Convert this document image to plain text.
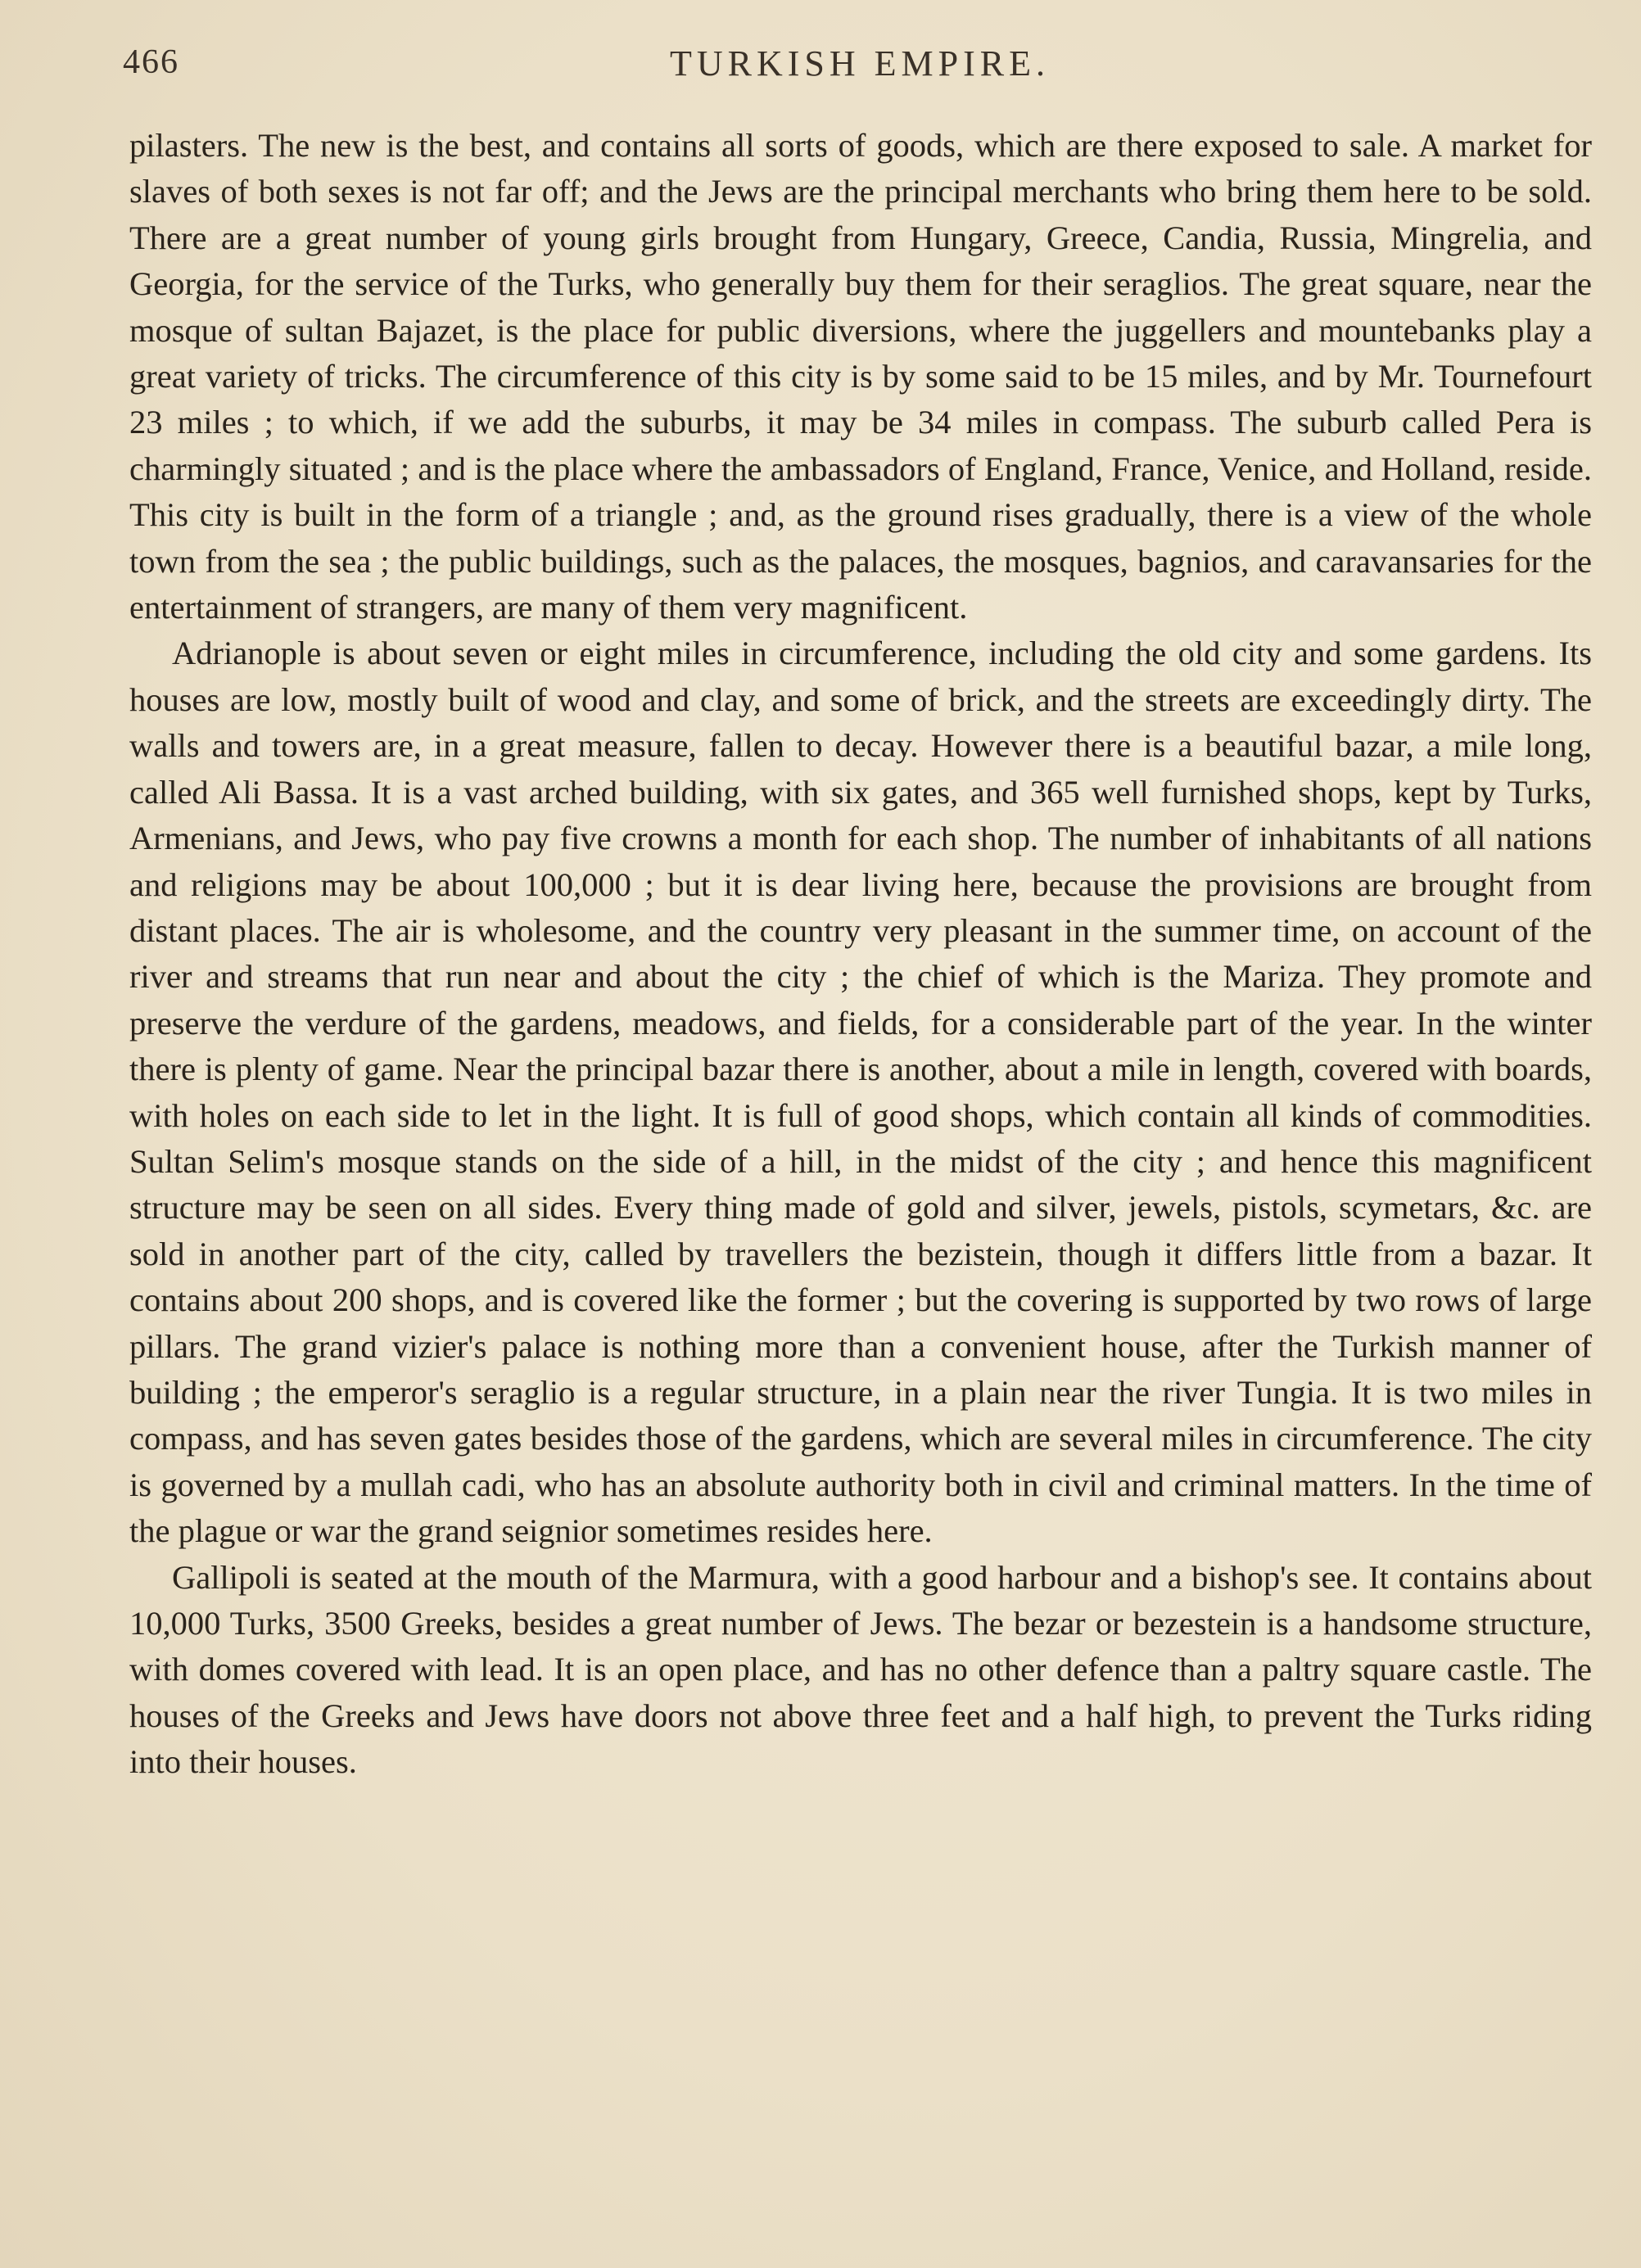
466	TURKISH EMPIRE.

pilasters. The new is the best, and contains all sorts of goods, which are there exposed to sale. A market for slaves of both sexes is not far off; and the Jews are the principal merchants who bring them here to be sold. There are a great number of young girls brought from Hungary, Greece, Candia, Russia, Mingrelia, and Georgia, for the service of the Turks, who generally buy them for their seraglios. The great square, near the mosque of sultan Bajazet, is the place for public diversions, where the juggellers and mountebanks play a great variety of tricks. The circumference of this city is by some said to be 15 miles, and by Mr. Tournefourt 23 miles ; to which, if we add the suburbs, it may be 34 miles in compass. The suburb called Pera is charmingly situated ; and is the place where the ambassadors of England, France, Venice, and Holland, reside. This city is built in the form of a triangle ; and, as the ground rises gradually, there is a view of the whole town from the sea ; the public buildings, such as the palaces, the mosques, bagnios, and caravansaries for the entertainment of strangers, are many of them very magnificent.

Adrianople is about seven or eight miles in circumference, including the old city and some gardens. Its houses are low, mostly built of wood and clay, and some of brick, and the streets are exceedingly dirty. The walls and towers are, in a great measure, fallen to decay. However there is a beautiful bazar, a mile long, called Ali Bassa. It is a vast arched building, with six gates, and 365 well furnished shops, kept by Turks, Armenians, and Jews, who pay five crowns a month for each shop. The number of inhabitants of all nations and religions may be about 100,000 ; but it is dear living here, because the provisions are brought from distant places. The air is wholesome, and the country very pleasant in the summer time, on account of the river and streams that run near and about the city ; the chief of which is the Mariza. They promote and preserve the verdure of the gardens, meadows, and fields, for a considerable part of the year. In the winter there is plenty of game. Near the principal bazar there is another, about a mile in length, covered with boards, with holes on each side to let in the light. It is full of good shops, which contain all kinds of commodities. Sultan Selim's mosque stands on the side of a hill, in the midst of the city ; and hence this magnificent structure may be seen on all sides. Every thing made of gold and silver, jewels, pistols, scymetars, &c. are sold in another part of the city, called by travellers the bezistein, though it differs little from a bazar. It contains about 200 shops, and is covered like the former ; but the covering is supported by two rows of large pillars. The grand vizier's palace is nothing more than a convenient house, after the Turkish manner of building ; the emperor's seraglio is a regular structure, in a plain near the river Tungia. It is two miles in compass, and has seven gates besides those of the gardens, which are several miles in circumference. The city is governed by a mullah cadi, who has an absolute authority both in civil and criminal matters. In the time of the plague or war the grand seignior sometimes resides here.

Gallipoli is seated at the mouth of the Marmura, with a good harbour and a bishop's see. It contains about 10,000 Turks, 3500 Greeks, besides a great number of Jews. The bezar or bezestein is a handsome structure, with domes covered with lead. It is an open place, and has no other defence than a paltry square castle. The houses of the Greeks and Jews have doors not above three feet and a half high, to prevent the Turks riding into their houses.
